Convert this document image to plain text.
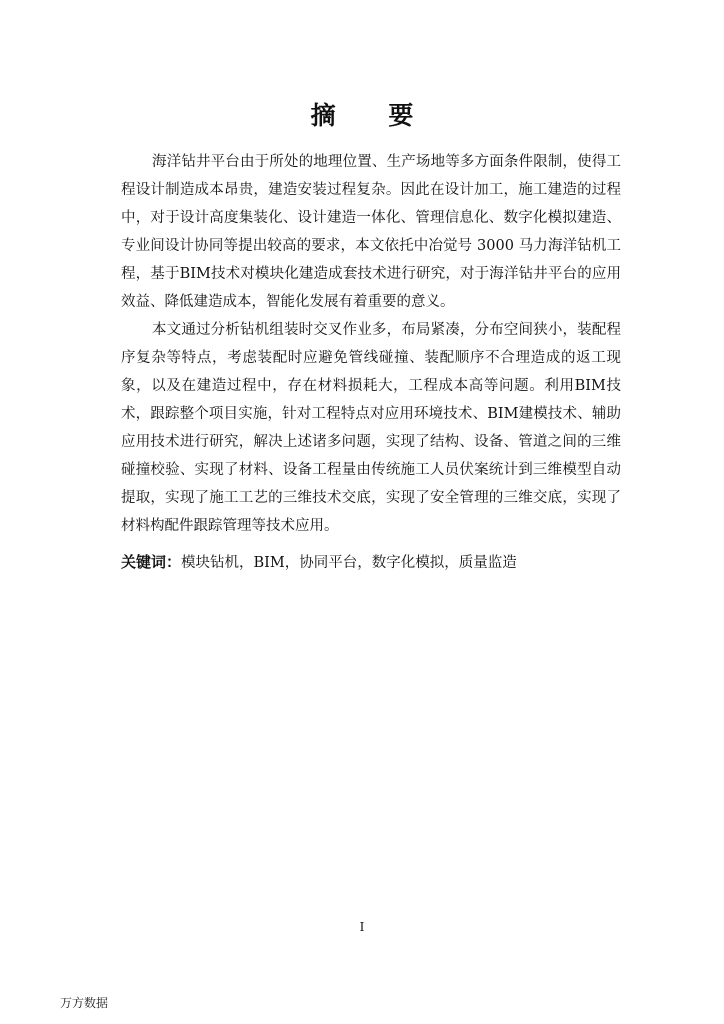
摘 要

海洋钻井平台由于所处的地理位置、生产场地等多方面条件限制，使得工程设计制造成本昂贵，建造安装过程复杂。因此在设计加工，施工建造的过程中，对于设计高度集装化、设计建造一体化、管理信息化、数字化模拟建造、专业间设计协同等提出较高的要求，本文依托中冶觉号 3000 马力海洋钻机工程，基于BIM技术对模块化建造成套技术进行研究，对于海洋钻井平台的应用效益、降低建造成本，智能化发展有着重要的意义。

本文通过分析钻机组装时交叉作业多，布局紧凑，分布空间狭小，装配程序复杂等特点，考虑装配时应避免管线碰撞、装配顺序不合理造成的返工现象，以及在建造过程中，存在材料损耗大，工程成本高等问题。利用BIM技术，跟踪整个项目实施，针对工程特点对应用环境技术、BIM建模技术、辅助应用技术进行研究，解决上述诸多问题，实现了结构、设备、管道之间的三维碰撞校验、实现了材料、设备工程量由传统施工人员伏案统计到三维模型自动提取，实现了施工工艺的三维技术交底，实现了安全管理的三维交底，实现了材料构配件跟踪管理等技术应用。

关键词：模块钻机，BIM，协同平台，数字化模拟，质量监造
I
万方数据
